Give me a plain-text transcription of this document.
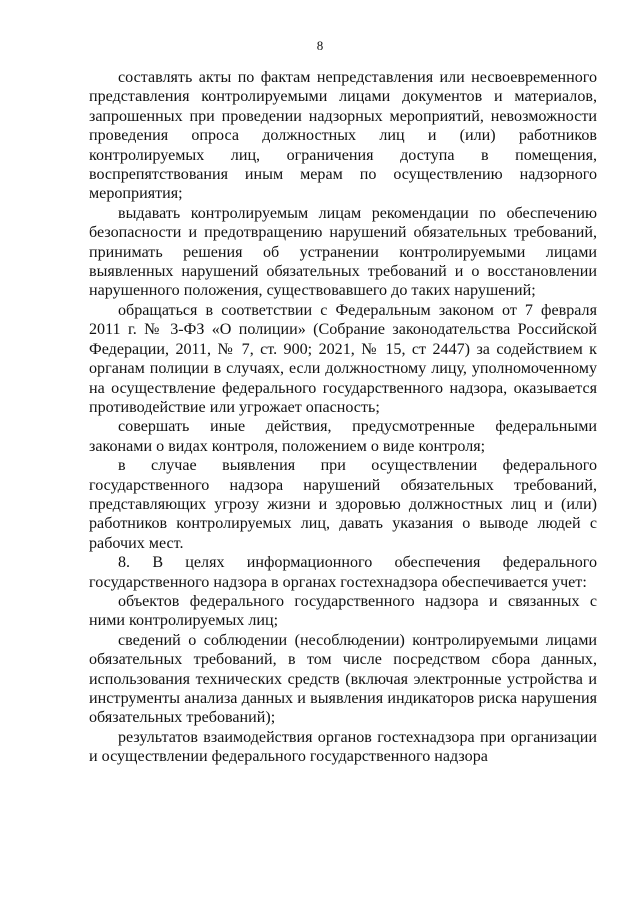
8

составлять акты по фактам непредставления или несвоевременного представления контролируемыми лицами документов и материалов, запрошенных при проведении надзорных мероприятий, невозможности проведения опроса должностных лиц и (или) работников контролируемых лиц, ограничения доступа в помещения, воспрепятствования иным мерам по осуществлению надзорного мероприятия;

выдавать контролируемым лицам рекомендации по обеспечению безопасности и предотвращению нарушений обязательных требований, принимать решения об устранении контролируемыми лицами выявленных нарушений обязательных требований и о восстановлении нарушенного положения, существовавшего до таких нарушений;

обращаться в соответствии с Федеральным законом от 7 февраля 2011 г. № 3-ФЗ «О полиции» (Собрание законодательства Российской Федерации, 2011, № 7, ст. 900; 2021, № 15, ст 2447) за содействием к органам полиции в случаях, если должностному лицу, уполномоченному на осуществление федерального государственного надзора, оказывается противодействие или угрожает опасность;

совершать иные действия, предусмотренные федеральными законами о видах контроля, положением о виде контроля;

в случае выявления при осуществлении федерального государственного надзора нарушений обязательных требований, представляющих угрозу жизни и здоровью должностных лиц и (или) работников контролируемых лиц, давать указания о выводе людей с рабочих мест.

8. В целях информационного обеспечения федерального государственного надзора в органах гостехнадзора обеспечивается учет:

объектов федерального государственного надзора и связанных с ними контролируемых лиц;

сведений о соблюдении (несоблюдении) контролируемыми лицами обязательных требований, в том числе посредством сбора данных, использования технических средств (включая электронные устройства и инструменты анализа данных и выявления индикаторов риска нарушения обязательных требований);

результатов взаимодействия органов гостехнадзора при организации и осуществлении федерального государственного надзора
